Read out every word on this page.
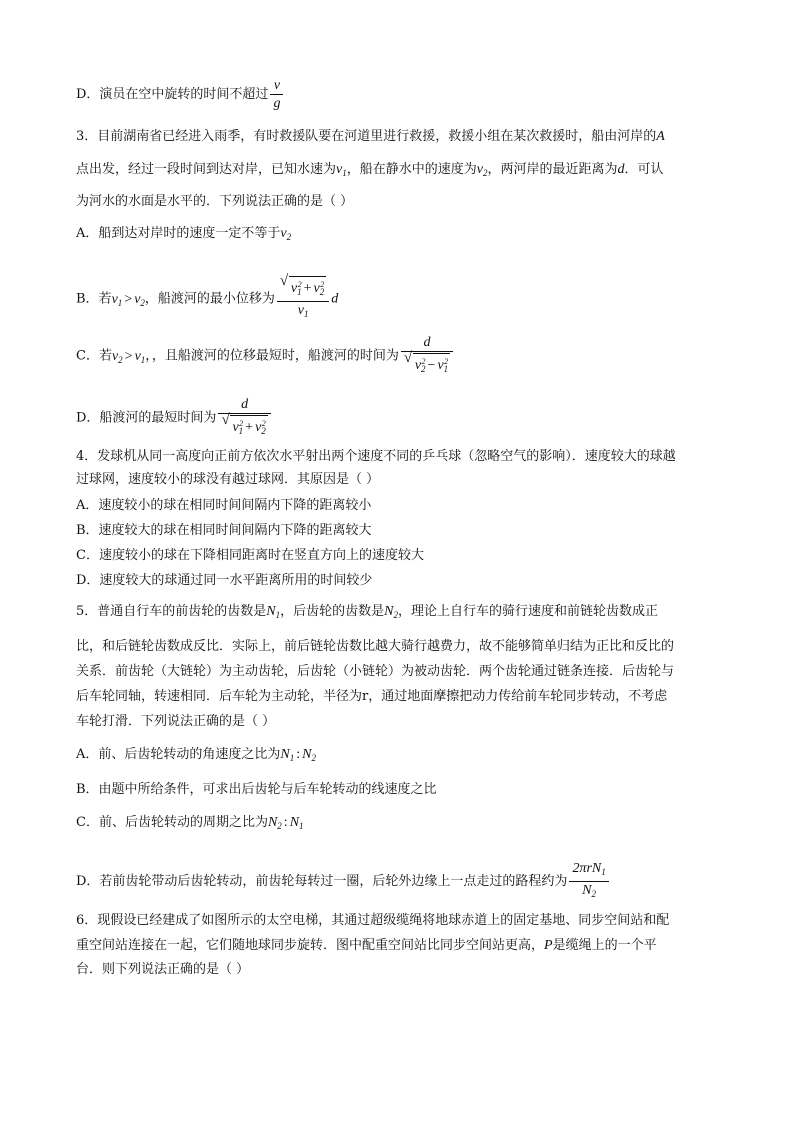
D．演员在空中旋转的时间不超过 $\frac{v}{g}$
3．目前湖南省已经进入雨季，有时救援队要在河道里进行救援，救援小组在某次救援时，船由河岸的A
点出发，经过一段时间到达对岸，已知水速为$v_1$，船在静水中的速度为$v_2$，两河岸的最近距离为d．可认
为河水的水面是水平的．下列说法正确的是（ ）
A．船到达对岸时的速度一定不等于$v_2$
B．若$v_1 > v_2$，船渡河的最小位移为 $\frac{√ v_1^2 + v_2^2}{v_1}$ d
C．若$v_2 > v_1$，，且船渡河的位移最短时，船渡河的时间为 $\frac{d}{√ v_2^2 - v_1^2}$
D．船渡河的最短时间为 $\frac{d}{√ v_1^2 + v_2^2}$
4．发球机从同一高度向正前方依次水平射出两个速度不同的乒乓球（忽略空气的影响）．速度较大的球越
过球网，速度较小的球没有越过球网．其原因是（ ）
A．速度较小的球在相同时间间隔内下降的距离较小
B．速度较大的球在相同时间间隔内下降的距离较大
C．速度较小的球在下降相同距离时在竖直方向上的速度较大
D．速度较大的球通过同一水平距离所用的时间较少
5．普通自行车的前齿轮的齿数是$N_1$，后齿轮的齿数是$N_2$，理论上自行车的骑行速度和前链轮齿数成正
比，和后链轮齿数成反比．实际上，前后链轮齿数比越大骑行越费力，故不能够简单归结为正比和反比的
关系．前齿轮（大链轮）为主动齿轮，后齿轮（小链轮）为被动齿轮．两个齿轮通过链条连接．后齿轮与
后车轮同轴，转速相同．后车轮为主动轮，半径为r，通过地面摩擦把动力传给前车轮同步转动，不考虑
车轮打滑．下列说法正确的是（ ）
A．前、后齿轮转动的角速度之比为$N_1$ : $N_2$
B．由题中所给条件，可求出后齿轮与后车轮转动的线速度之比
C．前、后齿轮转动的周期之比为$N_2$ : $N_1$
D．若前齿轮带动后齿轮转动，前齿轮每转过一圈，后轮外边缘上一点走过的路程约为 $\frac{2\pi rN_1}{N_2}$
6．现假设已经建成了如图所示的太空电梯，其通过超级缆绳将地球赤道上的固定基地、同步空间站和配
重空间站连接在一起，它们随地球同步旋转．图中配重空间站比同步空间站更高，P是缆绳上的一个平
台．则下列说法正确的是（ ）
